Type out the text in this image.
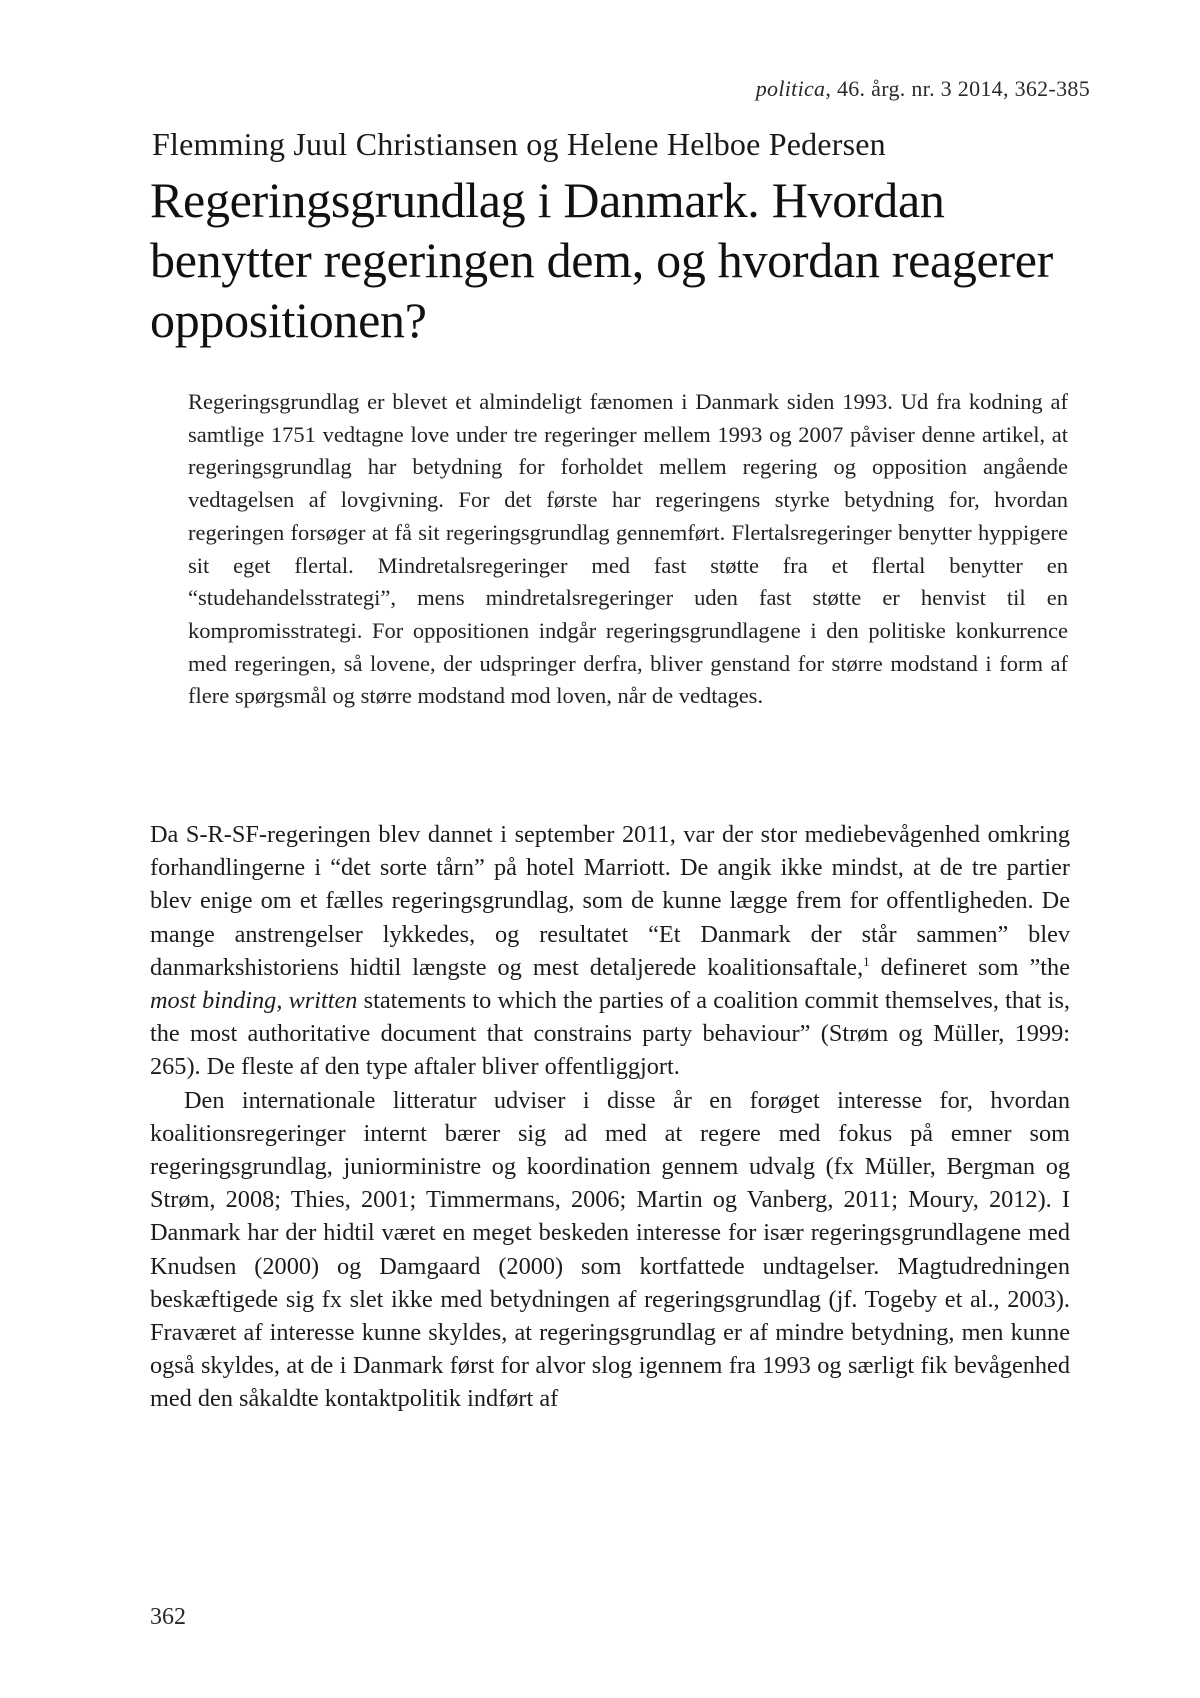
politica, 46. årg. nr. 3 2014, 362-385
Flemming Juul Christiansen og Helene Helboe Pedersen
Regeringsgrundlag i Danmark. Hvordan benytter regeringen dem, og hvordan reagerer oppositionen?

Regeringsgrundlag er blevet et almindeligt fænomen i Danmark siden 1993. Ud fra kodning af samtlige 1751 vedtagne love under tre regeringer mellem 1993 og 2007 påviser denne artikel, at regeringsgrundlag har betydning for forholdet mellem regering og opposition angående vedtagelsen af lovgivning. For det første har regeringens styrke betydning for, hvordan regeringen forsøger at få sit regeringsgrundlag gennemført. Flertalsregeringer benytter hyppigere sit eget flertal. Mindretalsregeringer med fast støtte fra et flertal benytter en “studehandelsstrategi”, mens mindretalsregeringer uden fast støtte er henvist til en kompromisstrategi. For oppositionen indgår regeringsgrundlagene i den politiske konkurrence med regeringen, så lovene, der udspringer derfra, bliver genstand for større modstand i form af flere spørgsmål og større modstand mod loven, når de vedtages.

Da S-R-SF-regeringen blev dannet i september 2011, var der stor mediebevågenhed omkring forhandlingerne i “det sorte tårn” på hotel Marriott. De angik ikke mindst, at de tre partier blev enige om et fælles regeringsgrundlag, som de kunne lægge frem for offentligheden. De mange anstrengelser lykkedes, og resultatet “Et Danmark der står sammen” blev danmarkshistoriens hidtil længste og mest detaljerede koalitionsaftale,$^1$ defineret som ”the most binding, written statements to which the parties of a coalition commit themselves, that is, the most authoritative document that constrains party behaviour” (Strøm og Müller, 1999: 265). De fleste af den type aftaler bliver offentliggjort.

Den internationale litteratur udviser i disse år en forøget interesse for, hvordan koalitionsregeringer internt bærer sig ad med at regere med fokus på emner som regeringsgrundlag, juniorministre og koordination gennem udvalg (fx Müller, Bergman og Strøm, 2008; Thies, 2001; Timmermans, 2006; Martin og Vanberg, 2011; Moury, 2012). I Danmark har der hidtil været en meget beskeden interesse for især regeringsgrundlagene med Knudsen (2000) og Damgaard (2000) som kortfattede undtagelser. Magtudredningen beskæftigede sig fx slet ikke med betydningen af regeringsgrundlag (jf. Togeby et al., 2003). Fraværet af interesse kunne skyldes, at regeringsgrundlag er af mindre betydning, men kunne også skyldes, at de i Danmark først for alvor slog igennem fra 1993 og særligt fik bevågenhed med den såkaldte kontaktpolitik indført af

362
